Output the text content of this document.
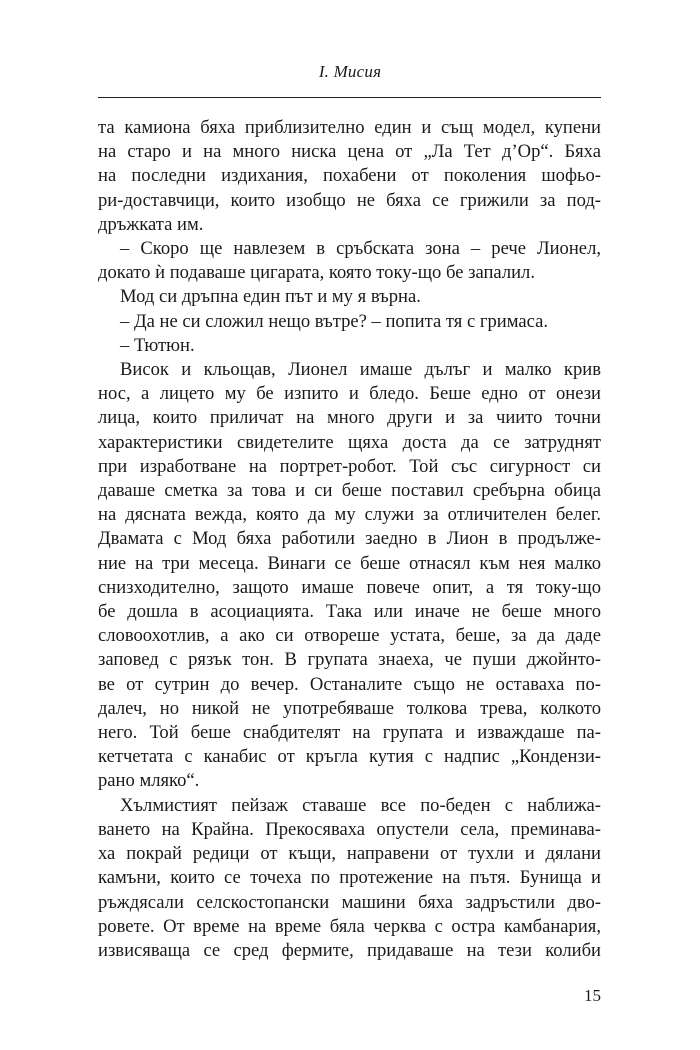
I. Мисия

та камиона бяха приблизително един и същ модел, купени

на старо и на много ниска цена от „Ла Тет д’Ор“. Бяха

на последни издихания, похабени от поколения шофьо-

ри-доставчици, които изобщо не бяха се грижили за под-

дръжката им.

– Скоро ще навлезем в сръбската зона – рече Лионел,

докато ѝ подаваше цигарата, която току-що бе запалил.

Мод си дръпна един път и му я върна.

– Да не си сложил нещо вътре? – попита тя с гримаса.

– Тютюн.

Висок и кльощав, Лионел имаше дълъг и малко крив

нос, а лицето му бе изпито и бледо. Беше едно от онези

лица, които приличат на много други и за чиито точни

характеристики свидетелите щяха доста да се затруднят

при изработване на портрет-робот. Той със сигурност си

даваше сметка за това и си беше поставил сребърна обица

на дясната вежда, която да му служи за отличителен белег.

Двамата с Мод бяха работили заедно в Лион в продълже-

ние на три месеца. Винаги се беше отнасял към нея малко

снизходително, защото имаше повече опит, а тя току-що

бе дошла в асоциацията. Така или иначе не беше много

словоохотлив, а ако си отвореше устата, беше, за да даде

заповед с рязък тон. В групата знаеха, че пуши джойнто-

ве от сутрин до вечер. Останалите също не оставаха по-

далеч, но никой не употребяваше толкова трева, колкото

него. Той беше снабдителят на групата и изваждаше па-

кетчетата с канабис от кръгла кутия с надпис „Кондензи-

рано мляко“.

Хълмистият пейзаж ставаше все по-беден с наближа-

ването на Крайна. Прекосяваха опустели села, преминава-

ха покрай редици от къщи, направени от тухли и дялани

камъни, които се точеха по протежение на пътя. Бунища и

ръждясали селскостопански машини бяха задръстили дво-

ровете. От време на време бяла черква с остра камбанария,

извисяваща се сред фермите, придаваше на тези колиби

15
